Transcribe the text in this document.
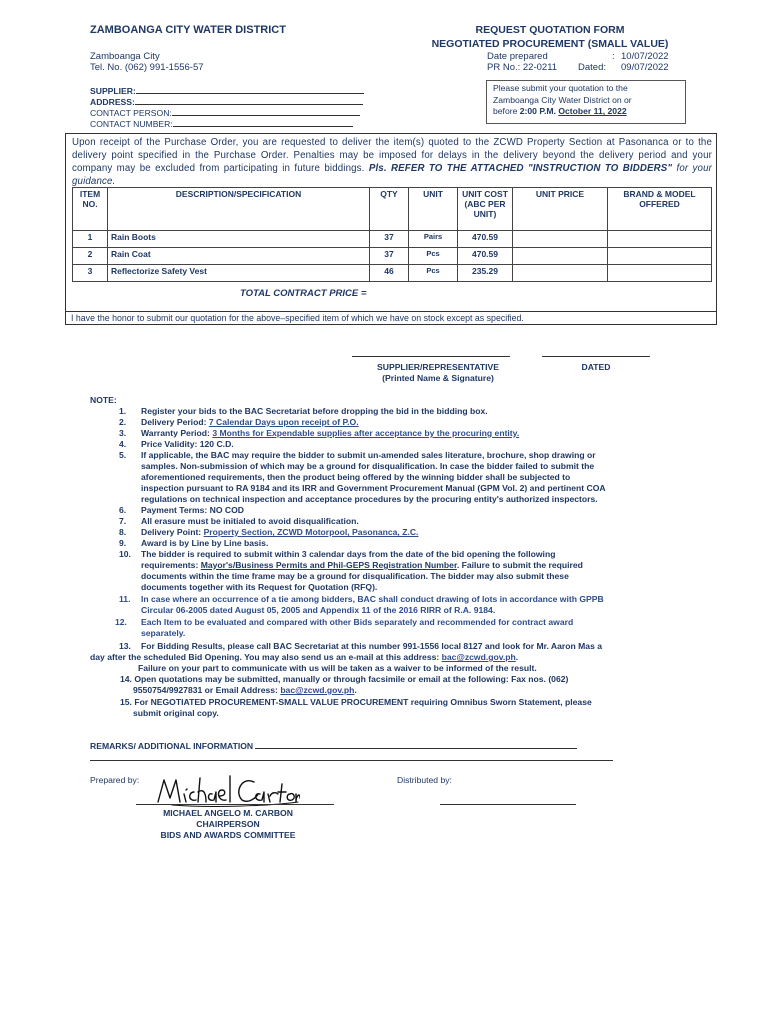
ZAMBOANGA CITY WATER DISTRICT	REQUEST QUOTATION FORM
NEGOTIATED PROCUREMENT (SMALL VALUE)
Zamboanga City
Tel. No. (062) 991-1556-57
Date prepared	: 10/07/2022
PR No.: 22-0211 Dated: 09/07/2022
SUPPLIER:
ADDRESS:
CONTACT PERSON:
CONTACT NUMBER:
Please submit your quotation to the
Zamboanga City Water District on or
before 2:00 P.M. October 11, 2022
Upon receipt of the Purchase Order, you are requested to deliver the item(s) quoted to the ZCWD Property Section at Pasonanca or to the delivery point specified in the Purchase Order. Penalties may be imposed for delays in the delivery beyond the delivery period and your company may be excluded from participating in future biddings. Pls. REFER TO THE ATTACHED "INSTRUCTION TO BIDDERS" for your guidance.
ITEM NO.	DESCRIPTION/SPECIFICATION	QTY	UNIT	UNIT COST (ABC PER UNIT)	UNIT PRICE	BRAND & MODEL OFFERED
1	Rain Boots	37	Pairs	470.59		
2	Rain Coat	37	Pcs	470.59		
3	Reflectorize Safety Vest	46	Pcs	235.29		
TOTAL CONTRACT PRICE =
I have the honor to submit our quotation for the above–specified item of which we have on stock except as specified.
SUPPLIER/REPRESENTATIVE
(Printed Name & Signature)
DATED
NOTE:
1. Register your bids to the BAC Secretariat before dropping the bid in the bidding box.
2. Delivery Period: 7 Calendar Days upon receipt of P.O.
3. Warranty Period: 3 Months for Expendable supplies after acceptance by the procuring entity.
4. Price Validity: 120 C.D.
5. If applicable, the BAC may require the bidder to submit un-amended sales literature, brochure, shop drawing or
samples. Non-submission of which may be a ground for disqualification. In case the bidder failed to submit the
aforementioned requirements, then the product being offered by the winning bidder shall be subjected to
inspection pursuant to RA 9184 and its IRR and Government Procurement Manual (GPM Vol. 2) and pertinent COA
regulations on technical inspection and acceptance procedures by the procuring entity's authorized inspectors.
6. Payment Terms: NO COD
7. All erasure must be initialed to avoid disqualification.
8. Delivery Point: Property Section, ZCWD Motorpool, Pasonanca, Z.C.
9. Award is by Line by Line basis.
10. The bidder is required to submit within 3 calendar days from the date of the bid opening the following
requirements: Mayor's/Business Permits and Phil-GEPS Registration Number. Failure to submit the required
documents within the time frame may be a ground for disqualification. The bidder may also submit these
documents together with its Request for Quotation (RFQ).
11. In case where an occurrence of a tie among bidders, BAC shall conduct drawing of lots in accordance with GPPB
Circular 06-2005 dated August 05, 2005 and Appendix 11 of the 2016 RIRR of R.A. 9184.
12. Each Item to be evaluated and compared with other Bids separately and recommended for contract award
separately.
13. For Bidding Results, please call BAC Secretariat at this number 991-1556 local 8127 and look for Mr. Aaron Mas a
day after the scheduled Bid Opening. You may also send us an e-mail at this address: bac@zcwd.gov.ph.
Failure on your part to communicate with us will be taken as a waiver to be informed of the result.
14. Open quotations may be submitted, manually or through facsimile or email at the following: Fax nos. (062)
9550754/9927831 or Email Address: bac@zcwd.gov.ph.
15. For NEGOTIATED PROCUREMENT-SMALL VALUE PROCUREMENT requiring Omnibus Sworn Statement, please
submit original copy.
REMARKS/ ADDITIONAL INFORMATION
Prepared by:	Distributed by:
MICHAEL ANGELO M. CARBON
CHAIRPERSON
BIDS AND AWARDS COMMITTEE
